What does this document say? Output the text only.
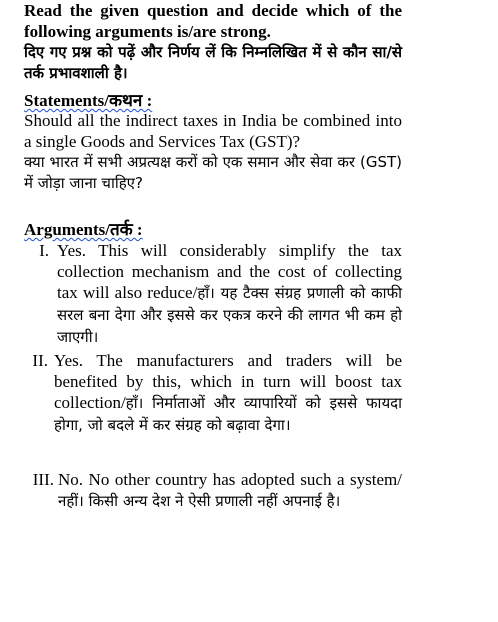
Read the given question and decide which of the following arguments is/are strong.

दिए गए प्रश्न को पढ़ें और निर्णय लें कि निम्नलिखित में से कौन सा/से तर्क प्रभावशाली है।

Statements/कथन :

Should all the indirect taxes in India be combined into a single Goods and Services Tax (GST)?

क्या भारत में सभी अप्रत्यक्ष करों को एक समान और सेवा कर (GST) में जोड़ा जाना चाहिए?

Arguments/तर्क :

I. Yes. This will considerably simplify the tax collection mechanism and the cost of collecting tax will also reduce/हाँ। यह टैक्स संग्रह प्रणाली को काफी सरल बना देगा और इससे कर एकत्र करने की लागत भी कम हो जाएगी।

II. Yes. The manufacturers and traders will be benefited by this, which in turn will boost tax collection/हाँ। निर्माताओं और व्यापारियों को इससे फायदा होगा, जो बदले में कर संग्रह को बढ़ावा देगा।

III. No. No other country has adopted such a system/नहीं। किसी अन्य देश ने ऐसी प्रणाली नहीं अपनाई है।
